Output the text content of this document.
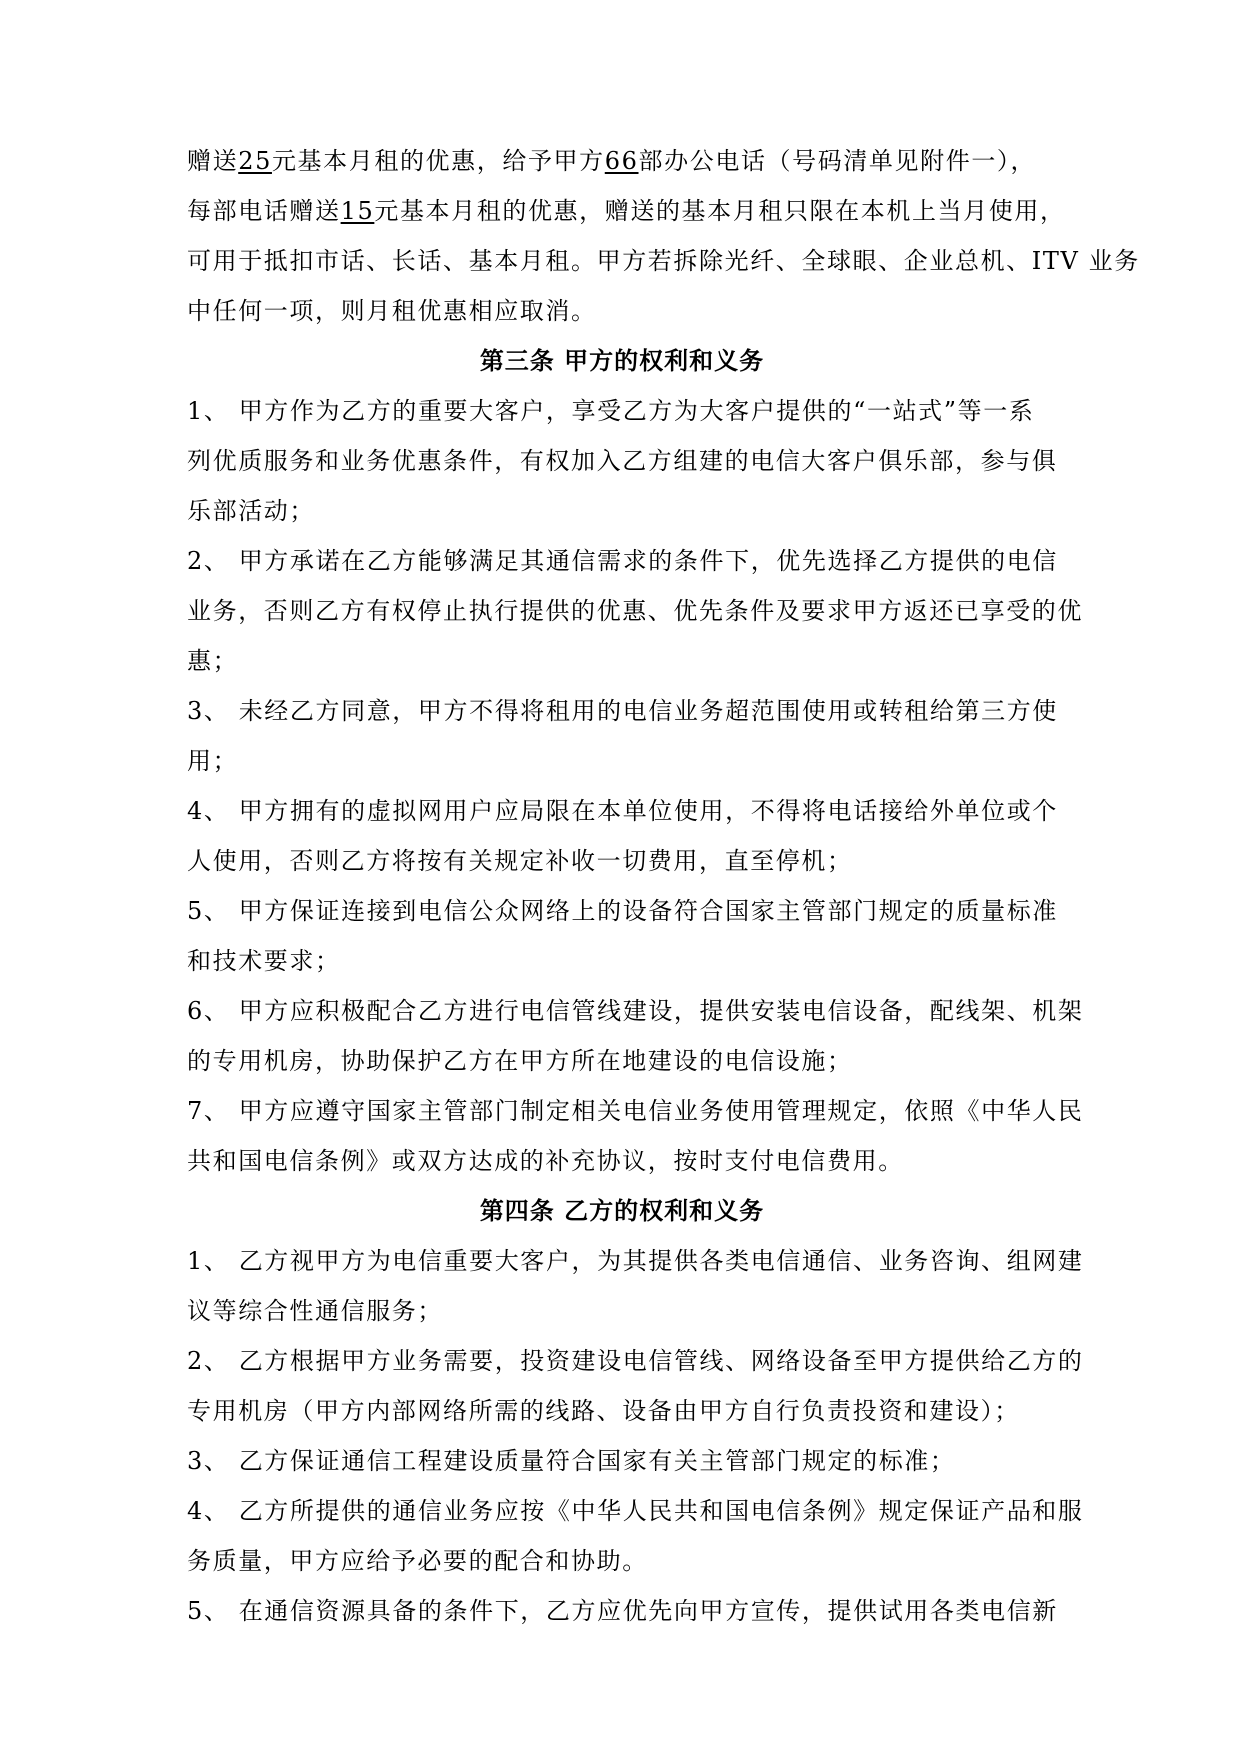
赠送25元基本月租的优惠，给予甲方66部办公电话（号码清单见附件一），
每部电话赠送15元基本月租的优惠，赠送的基本月租只限在本机上当月使用，
可用于抵扣市话、长话、基本月租。甲方若拆除光纤、全球眼、企业总机、ITV 业务
中任何一项，则月租优惠相应取消。
第三条 甲方的权利和义务
1、 甲方作为乙方的重要大客户，享受乙方为大客户提供的“一站式”等一系
列优质服务和业务优惠条件，有权加入乙方组建的电信大客户俱乐部，参与俱
乐部活动；
2、 甲方承诺在乙方能够满足其通信需求的条件下，优先选择乙方提供的电信
业务，否则乙方有权停止执行提供的优惠、优先条件及要求甲方返还已享受的优
惠；
3、 未经乙方同意，甲方不得将租用的电信业务超范围使用或转租给第三方使
用；
4、 甲方拥有的虚拟网用户应局限在本单位使用，不得将电话接给外单位或个
人使用，否则乙方将按有关规定补收一切费用，直至停机；
5、 甲方保证连接到电信公众网络上的设备符合国家主管部门规定的质量标准
和技术要求；
6、 甲方应积极配合乙方进行电信管线建设，提供安装电信设备，配线架、机架
的专用机房，协助保护乙方在甲方所在地建设的电信设施；
7、 甲方应遵守国家主管部门制定相关电信业务使用管理规定，依照《中华人民
共和国电信条例》或双方达成的补充协议，按时支付电信费用。
第四条 乙方的权利和义务
1、 乙方视甲方为电信重要大客户，为其提供各类电信通信、业务咨询、组网建
议等综合性通信服务；
2、 乙方根据甲方业务需要，投资建设电信管线、网络设备至甲方提供给乙方的
专用机房（甲方内部网络所需的线路、设备由甲方自行负责投资和建设）；
3、 乙方保证通信工程建设质量符合国家有关主管部门规定的标准；
4、 乙方所提供的通信业务应按《中华人民共和国电信条例》规定保证产品和服
务质量，甲方应给予必要的配合和协助。
5、 在通信资源具备的条件下，乙方应优先向甲方宣传，提供试用各类电信新
